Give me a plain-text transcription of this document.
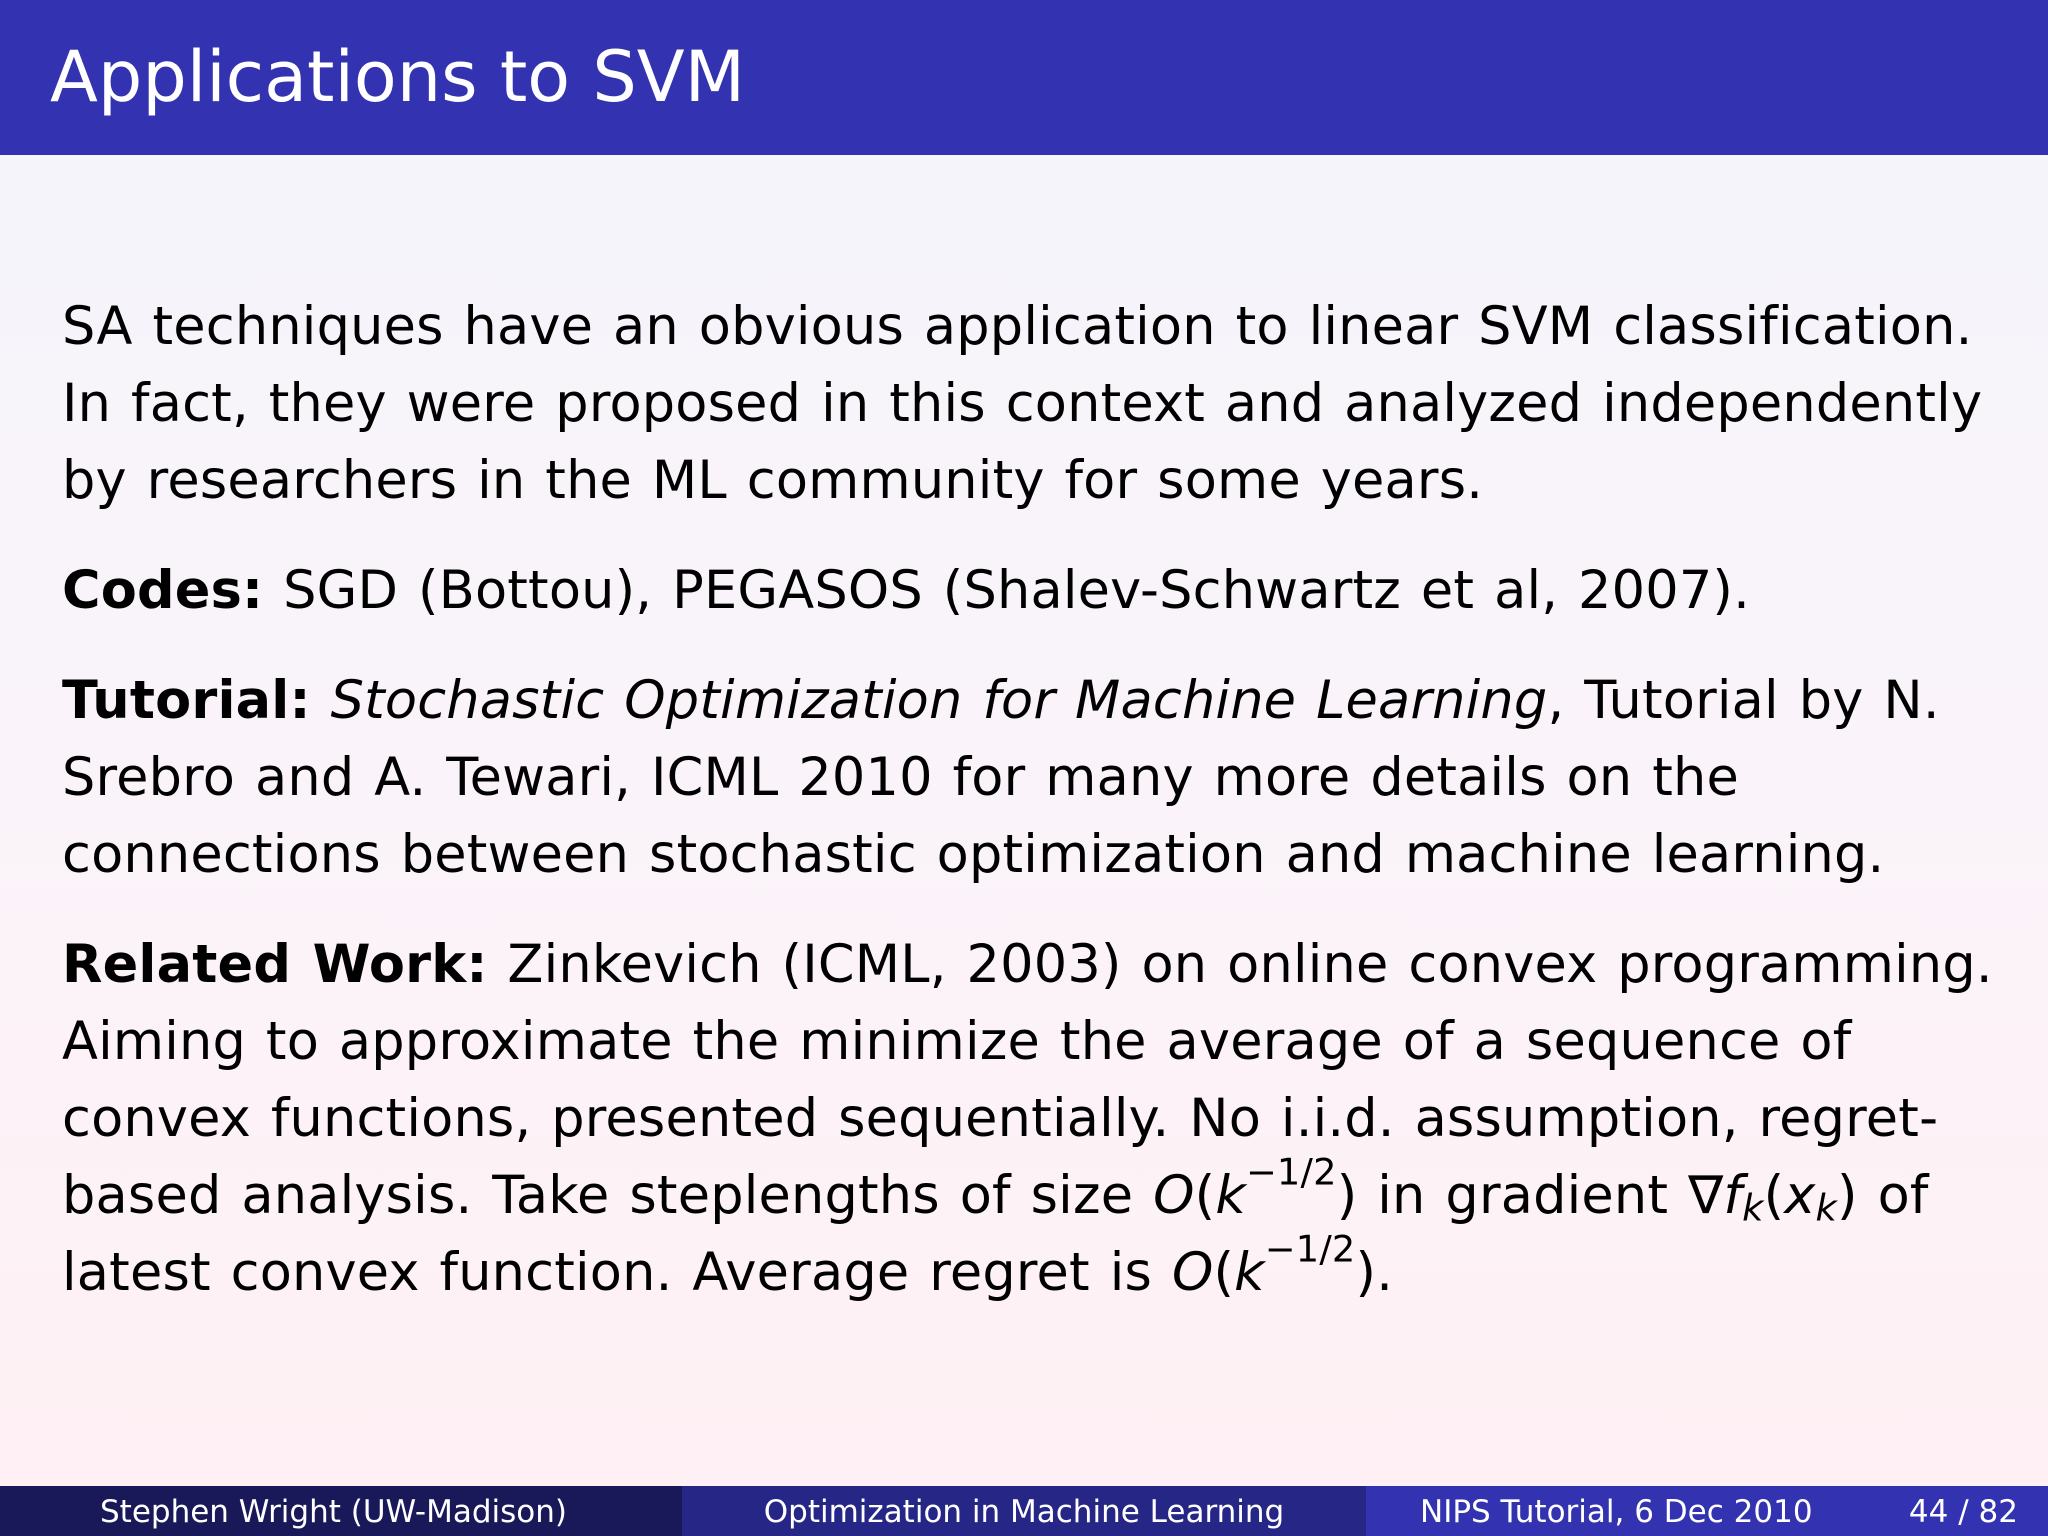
Applications to SVM

SA techniques have an obvious application to linear SVM classification. In fact, they were proposed in this context and analyzed independently by researchers in the ML community for some years.

Codes: SGD (Bottou), PEGASOS (Shalev-Schwartz et al, 2007).

Tutorial: Stochastic Optimization for Machine Learning, Tutorial by N. Srebro and A. Tewari, ICML 2010 for many more details on the connections between stochastic optimization and machine learning.

Related Work: Zinkevich (ICML, 2003) on online convex programming. Aiming to approximate the minimize the average of a sequence of convex functions, presented sequentially. No i.i.d. assumption, regret-based analysis. Take steplengths of size $O(k^{-1/2})$ in gradient $\nabla f_k(x_k)$ of latest convex function. Average regret is $O(k^{-1/2})$.

Stephen Wright (UW-Madison)	Optimization in Machine Learning	NIPS Tutorial, 6 Dec 2010	44 / 82
